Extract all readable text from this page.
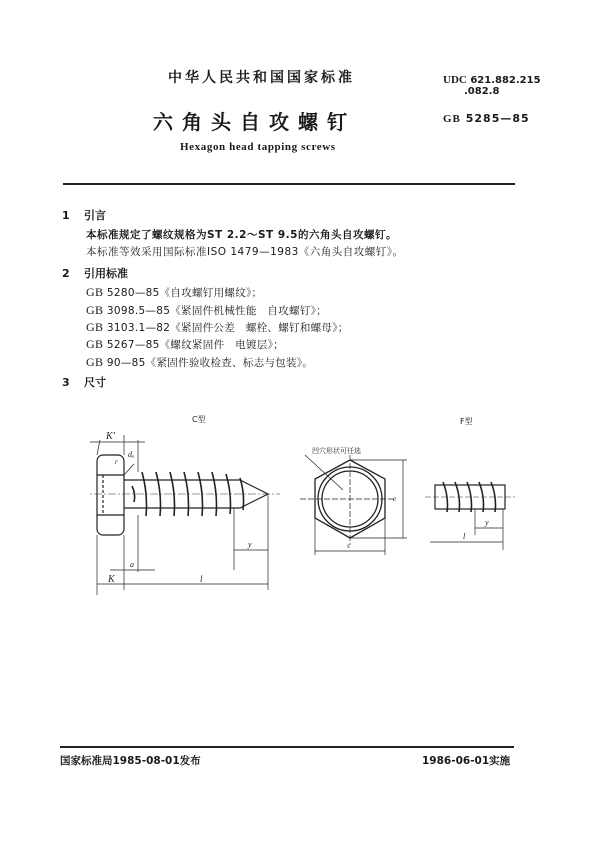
中华人民共和国国家标准
六角头自攻螺钉
Hexagon head tapping screws
UDC 621.882.215
.082.8
GB 5285—85
1 引言
本标准规定了螺纹规格为ST 2.2～ST 9.5的六角头自攻螺钉。
本标准等效采用国际标准ISO 1479—1983《六角头自攻螺钉》。
2 引用标准
GB 5280—85《自攻螺钉用螺纹》；
GB 3098.5—85《紧固件机械性能　自攻螺钉》；
GB 3103.1—82《紧固件公差　螺栓、螺钉和螺母》；
GB 5267—85《螺纹紧固件　电镀层》；
GB 90—85《紧固件验收检查、标志与包装》。
3 尺寸
C型	F型
凹穴形状可任选
K′
dₐ
r
K
a
l
y	s
e
y
l
国家标准局1985-08-01发布	1986-06-01实施
